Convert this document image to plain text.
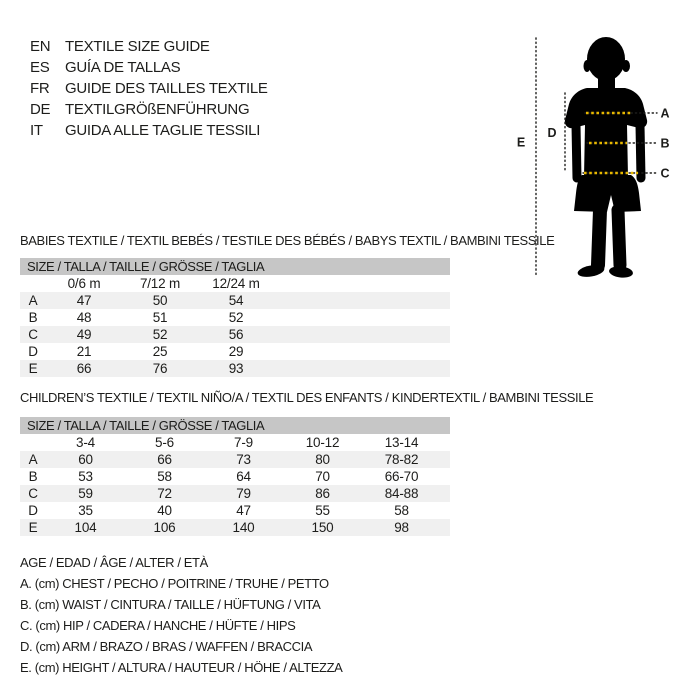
EN TEXTILE SIZE GUIDE
ES GUÍA DE TALLAS
FR GUIDE DES TAILLES TEXTILE
DE TEXTILGRÖßENFÜHRUNG
IT GUIDA ALLE TAGLIE TESSILI
A
B
C
D
E
BABIES TEXTILE / TEXTIL BEBÉS / TESTILE DES BÉBÉS / BABYS TEXTIL / BAMBINI TESSILE
SIZE / TALLA / TAILLE / GRÖSSE / TAGLIA
	0/6 m	7/12 m	12/24 m	
A	47	50	54	
B	48	51	52	
C	49	52	56	
D	21	25	29	
E	66	76	93	
CHILDREN’S TEXTILE / TEXTIL NIÑO/A / TEXTIL DES ENFANTS / KINDERTEXTIL / BAMBINI TESSILE
SIZE / TALLA / TAILLE / GRÖSSE / TAGLIA
	3-4	5-6	7-9	10-12	13-14	
A	60	66	73	80	78-82	
B	53	58	64	70	66-70	
C	59	72	79	86	84-88	
D	35	40	47	55	58	
E	104	106	140	150	98	
AGE / EDAD / ÂGE / ALTER / ETÀ
A. (cm) CHEST / PECHO / POITRINE / TRUHE / PETTO
B. (cm) WAIST / CINTURA / TAILLE / HÜFTUNG / VITA
C. (cm) HIP / CADERA / HANCHE / HÜFTE / HIPS
D. (cm) ARM / BRAZO / BRAS / WAFFEN / BRACCIA
E. (cm) HEIGHT / ALTURA / HAUTEUR / HÖHE / ALTEZZA
